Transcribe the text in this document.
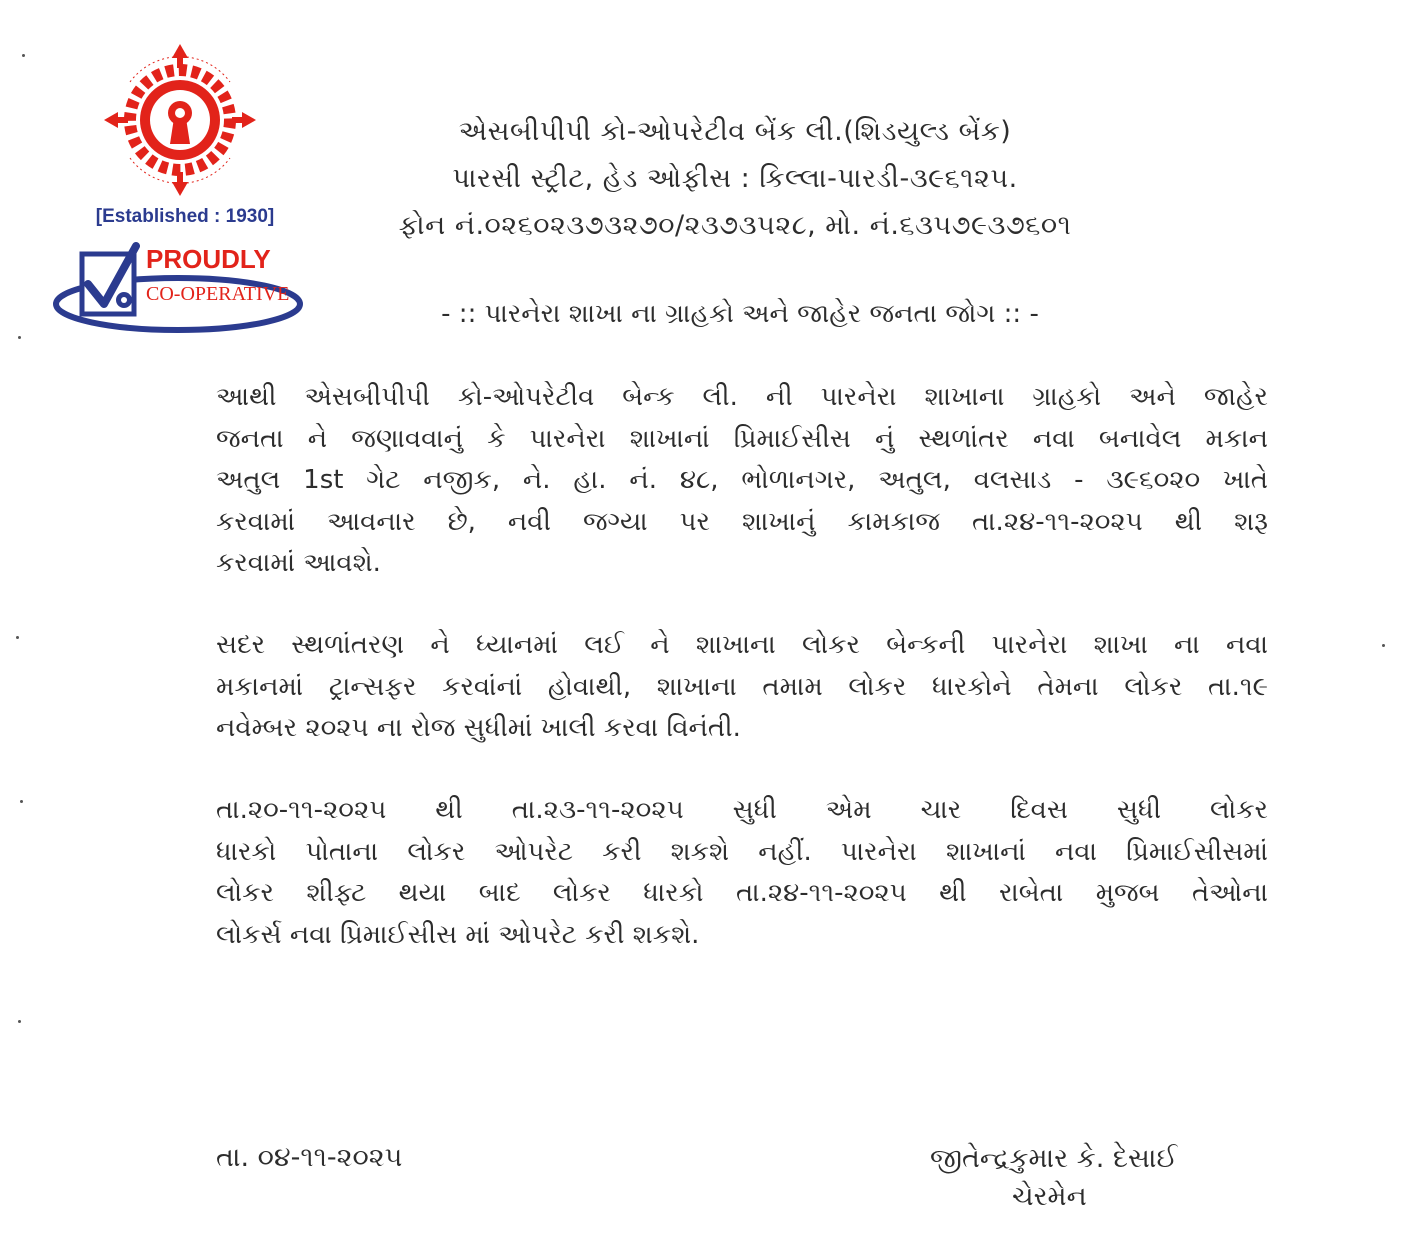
[Established : 1930]
PROUDLY
CO-OPERATIVE
એસબીપીપી કો-ઓપરેટીવ બેંક લી.(શિડયુલ્ડ બેંક)
પારસી સ્ટ્રીટ, હેડ ઓફીસ : કિલ્લા-પારડી-૩૯૬૧૨૫.
ફોન નં.૦૨૬૦૨૩૭૩૨૭૦/૨૩૭૩૫૨૮, મો. નં.૬૩૫૭૯૩૭૬૦૧
- :: પારનેરા શાખા ના ગ્રાહકો અને જાહેર જનતા જોગ :: -
આથી એસબીપીપી કો-ઓપરેટીવ બેન્ક લી. ની પારનેરા શાખાના ગ્રાહકો અને જાહેર
જનતા ને જણાવવાનું કે પારનેરા શાખાનાં પ્રિમાઈસીસ નું સ્થળાંતર નવા બનાવેલ મકાન
અતુલ 1st ગેટ નજીક, ને. હા. નં. ૪૮, ભોળાનગર, અતુલ, વલસાડ - ૩૯૬૦૨૦ ખાતે
કરવામાં આવનાર છે, નવી જગ્યા પર શાખાનું કામકાજ તા.૨૪-૧૧-૨૦૨૫ થી શરૂ
કરવામાં આવશે.
સદર સ્થળાંતરણ ને ધ્યાનમાં લઈ ને શાખાના લોકર બેન્કની પારનેરા શાખા ના નવા
મકાનમાં ટ્રાન્સફર કરવાંનાં હોવાથી, શાખાના તમામ લોકર ધારકોને તેમના લોકર તા.૧૯
નવેમ્બર ૨૦૨૫ ના રોજ સુધીમાં ખાલી કરવા વિનંતી.
તા.૨૦-૧૧-૨૦૨૫ થી તા.૨૩-૧૧-૨૦૨૫ સુધી એમ ચાર દિવસ સુધી લોકર
ધારકો પોતાના લોકર ઓપરેટ કરી શકશે નહીં. પારનેરા શાખાનાં નવા પ્રિમાઈસીસમાં
લોકર શીફ્ટ થયા બાદ લોકર ધારકો તા.૨૪-૧૧-૨૦૨૫ થી રાબેતા મુજબ તેઓના
લોકર્સ નવા પ્રિમાઈસીસ માં ઓપરેટ કરી શકશે.
તા. ૦૪-૧૧-૨૦૨૫	જીતેન્દ્રકુમાર કે. દેસાઈ
ચેરમેન
